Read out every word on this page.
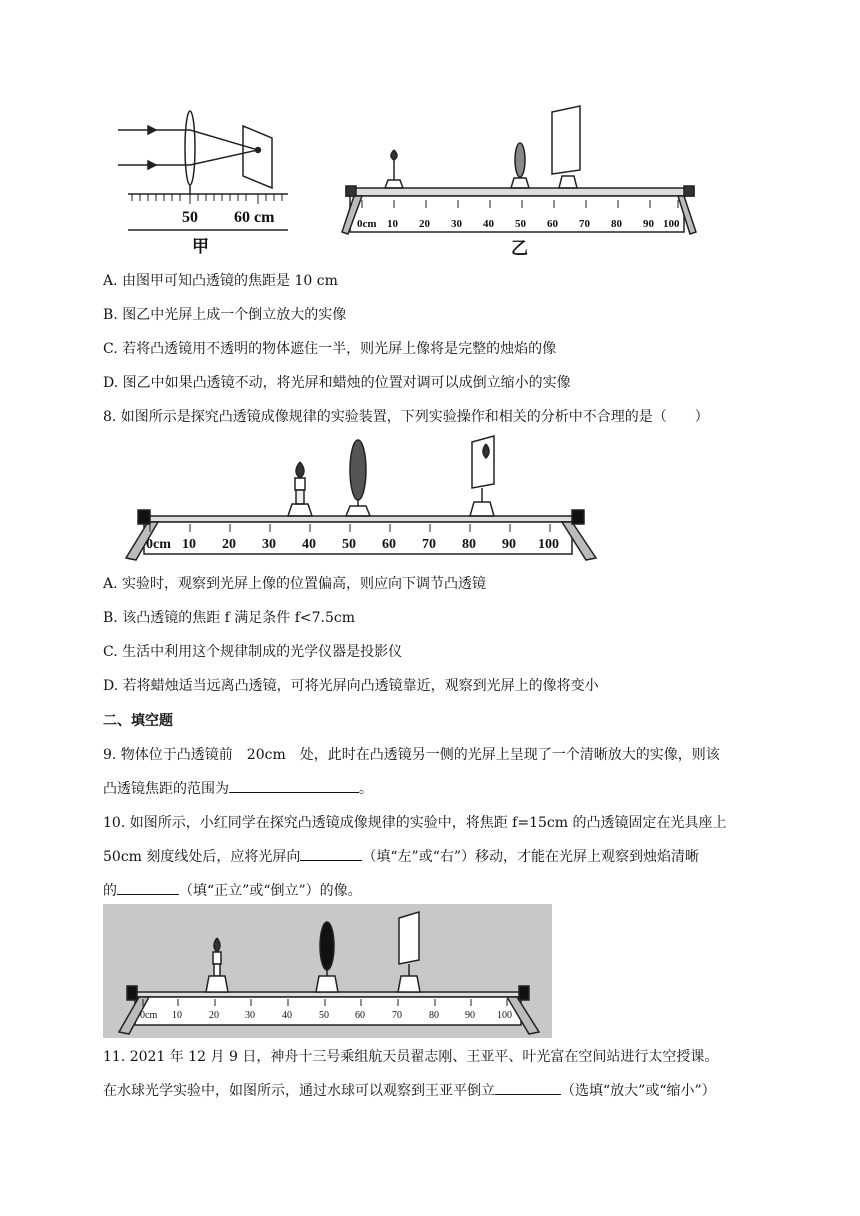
50 60 cm
甲
0cm 10 20 30 40 50 60 70 80 90 100
乙
A. 由图甲可知凸透镜的焦距是 10 cm
B. 图乙中光屏上成一个倒立放大的实像
C. 若将凸透镜用不透明的物体遮住一半，则光屏上像将是完整的烛焰的像
D. 图乙中如果凸透镜不动，将光屏和蜡烛的位置对调可以成倒立缩小的实像
8. 如图所示是探究凸透镜成像规律的实验装置，下列实验操作和相关的分析中不合理的是（　　）
0cm 10 20 30 40 50 60 70 80 90 100
A. 实验时，观察到光屏上像的位置偏高，则应向下调节凸透镜
B. 该凸透镜的焦距 f 满足条件 f<7.5cm
C. 生活中利用这个规律制成的光学仪器是投影仪
D. 若将蜡烛适当远离凸透镜，可将光屏向凸透镜靠近，观察到光屏上的像将变小
二、填空题
9. 物体位于凸透镜前　20cm　处，此时在凸透镜另一侧的光屏上呈现了一个清晰放大的实像，则该
凸透镜焦距的范围为	。
10. 如图所示，小红同学在探究凸透镜成像规律的实验中，将焦距 f=15cm 的凸透镜固定在光具座上
50cm 刻度线处后，应将光屏向	（填“左”或“右”）移动，才能在光屏上观察到烛焰清晰
的	（填“正立”或“倒立”）的像。
0cm 10	20	30	40	50	60	70	80	90 100
11. 2021 年 12 月 9 日，神舟十三号乘组航天员翟志刚、王亚平、叶光富在空间站进行太空授课。
在水球光学实验中，如图所示，通过水球可以观察到王亚平倒立	（选填“放大”或“缩小”）
